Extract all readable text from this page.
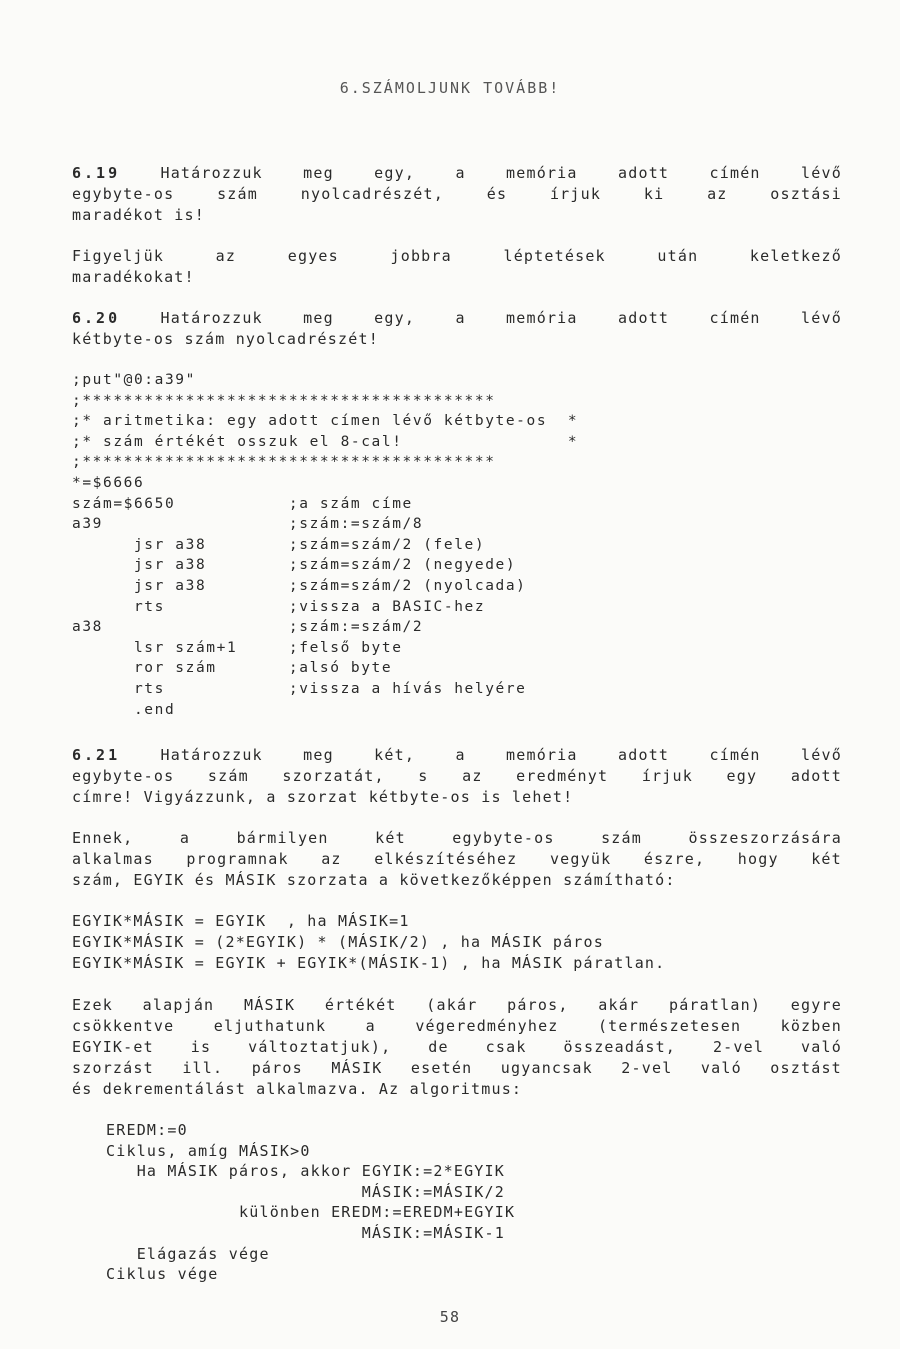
6.SZÁMOLJUNK TOVÁBB!
6.19	Határozzuk	meg	egy,	a	memória	adott	címén	lévő
egybyte-os	szám	nyolcadrészét,	és	írjuk	ki	az	osztási
maradékot is!
Figyeljük	az	egyes	jobbra	léptetések	után	keletkező
maradékokat!
6.20	Határozzuk	meg	egy,	a	memória	adott	címén	lévő
kétbyte-os szám nyolcadrészét!
;put"@0:a39"
;****************************************
;* aritmetika: egy adott címen lévő kétbyte-os  *
;* szám értékét osszuk el 8-cal!                *
;****************************************
*=$6666
szám=$6650           ;a szám címe
a39                  ;szám:=szám/8
jsr a38        ;szám=szám/2 (fele)
jsr a38        ;szám=szám/2 (negyede)
jsr a38        ;szám=szám/2 (nyolcada)
rts            ;vissza a BASIC-hez
a38                  ;szám:=szám/2
lsr szám+1     ;felső byte
ror szám       ;alsó byte
rts            ;vissza a hívás helyére
.end
6.21	Határozzuk	meg	két,	a	memória	adott	címén	lévő
egybyte-os szám szorzatát, s az eredményt írjuk egy adott
címre! Vigyázzunk, a szorzat kétbyte-os is lehet!
Ennek,	a	bármilyen	két	egybyte-os	szám	összeszorzására
alkalmas programnak az elkészítéséhez vegyük észre, hogy két
szám, EGYIK és MÁSIK szorzata a következőképpen számítható:
EGYIK*MÁSIK = EGYIK  , ha MÁSIK=1
EGYIK*MÁSIK = (2*EGYIK) * (MÁSIK/2) , ha MÁSIK páros
EGYIK*MÁSIK = EGYIK + EGYIK*(MÁSIK-1) , ha MÁSIK páratlan.
Ezek alapján MÁSIK értékét (akár páros, akár páratlan) egyre
csökkentve	eljuthatunk	a	végeredményhez	(természetesen	közben
EGYIK-et is változtatjuk), de csak összeadást, 2-vel való
szorzást ill. páros MÁSIK esetén ugyancsak 2-vel való osztást
és dekrementálást alkalmazva. Az algoritmus:
EREDM:=0
Ciklus, amíg MÁSIK>0
Ha MÁSIK páros, akkor EGYIK:=2*EGYIK
MÁSIK:=MÁSIK/2
különben EREDM:=EREDM+EGYIK
MÁSIK:=MÁSIK-1
Elágazás vége
Ciklus vége
58
